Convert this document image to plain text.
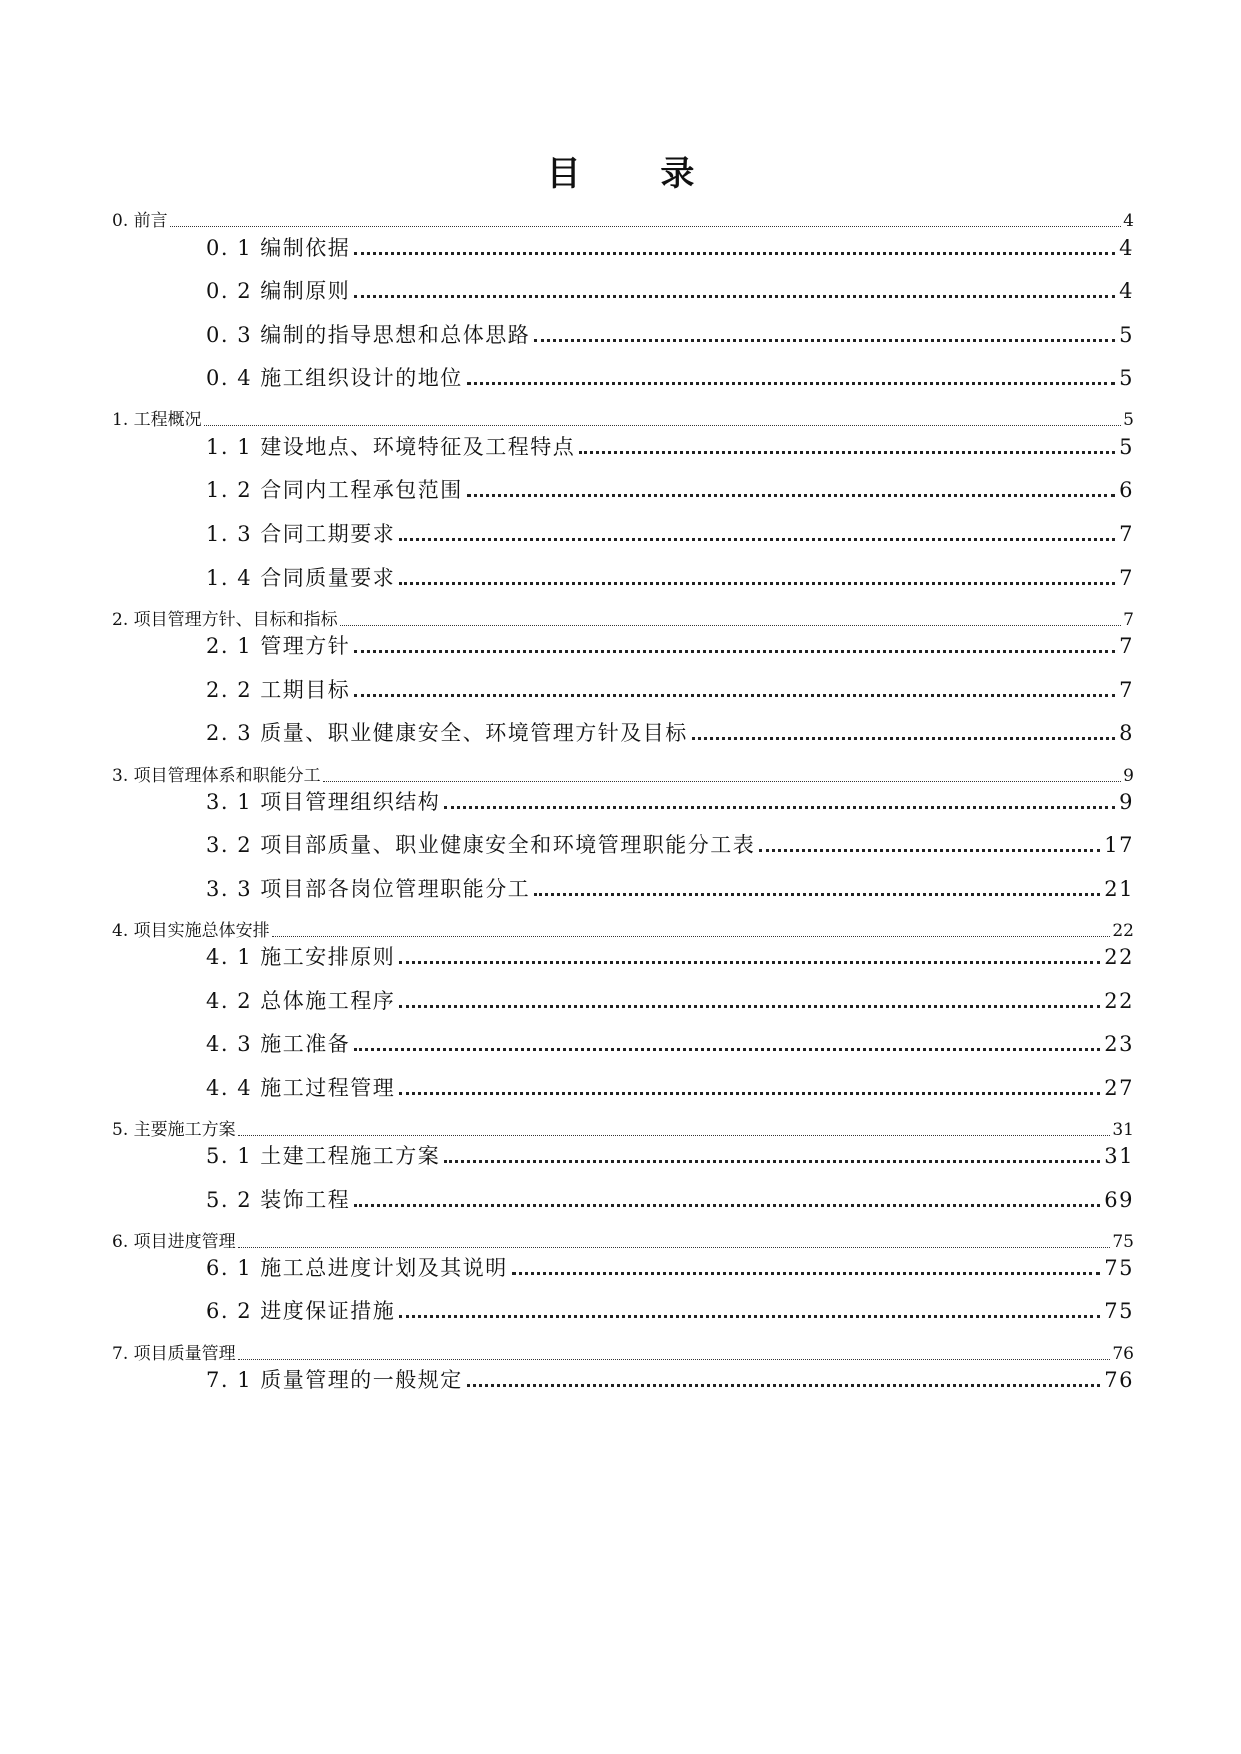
目 录
0. 前言	4
0. 1 编制依据	4
0. 2 编制原则	4
0. 3 编制的指导思想和总体思路	5
0. 4 施工组织设计的地位	5
1. 工程概况	5
1. 1 建设地点、环境特征及工程特点	5
1. 2 合同内工程承包范围	6
1. 3 合同工期要求	7
1. 4 合同质量要求	7
2. 项目管理方针、目标和指标	7
2. 1 管理方针	7
2. 2 工期目标	7
2. 3 质量、职业健康安全、环境管理方针及目标	8
3. 项目管理体系和职能分工	9
3. 1 项目管理组织结构	9
3. 2 项目部质量、职业健康安全和环境管理职能分工表	17
3. 3 项目部各岗位管理职能分工	21
4. 项目实施总体安排	22
4. 1 施工安排原则	22
4. 2 总体施工程序	22
4. 3 施工准备	23
4. 4 施工过程管理	27
5. 主要施工方案	31
5. 1 土建工程施工方案	31
5. 2 装饰工程	69
6. 项目进度管理	75
6. 1 施工总进度计划及其说明	75
6. 2 进度保证措施	75
7. 项目质量管理	76
7. 1 质量管理的一般规定	76
